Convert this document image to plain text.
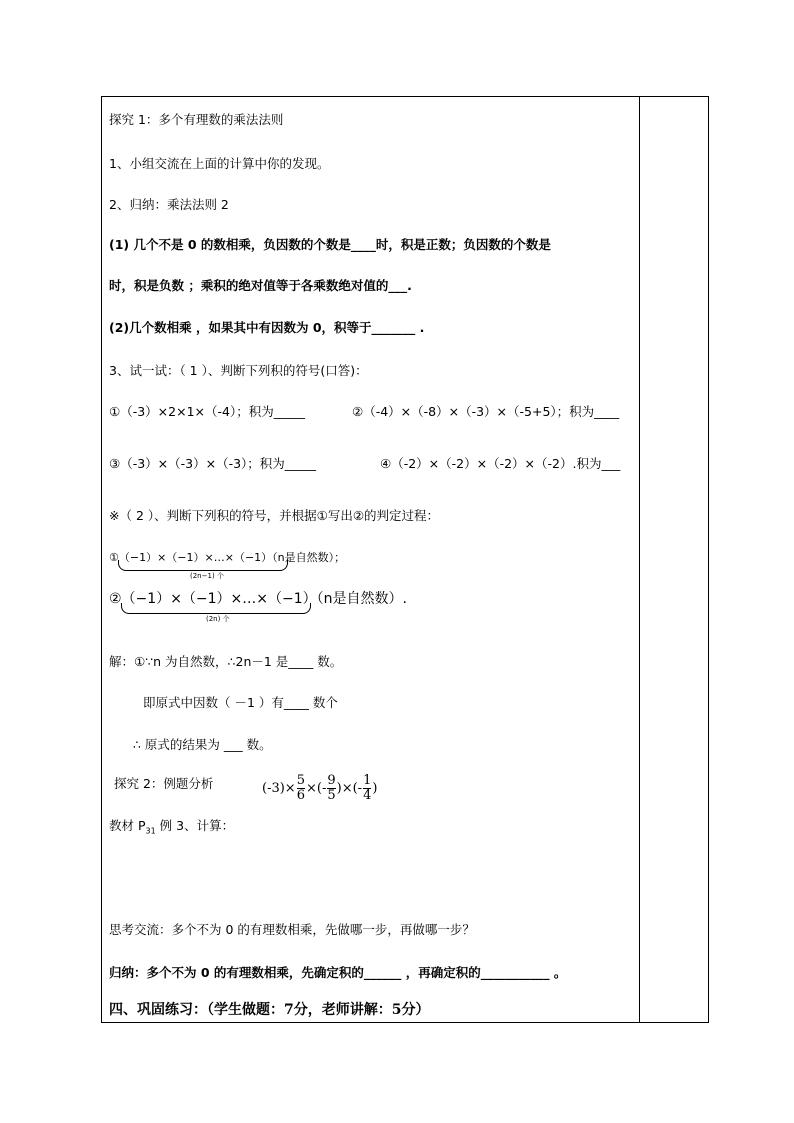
探究 1：多个有理数的乘法法则
1、小组交流在上面的计算中你的发现。
2、归纳：乘法法则 2
(1) 几个不是 0 的数相乘，负因数的个数是____时，积是正数；负因数的个数是
时，积是负数 ；乘积的绝对值等于各乘数绝对值的___.
(2)几个数相乘 ，如果其中有因数为 0，积等于_______ .
3、试一试：（ 1 ）、判断下列积的符号(口答)：
①（-3）×2×1×（-4）；积为_____	②（-4）×（-8）×（-3）×（-5+5）；积为____
③（-3）×（-3）×（-3）；积为_____	④（-2）×（-2）×（-2）×（-2）.积为___
※（ 2 ）、判断下列积的符号，并根据①写出②的判定过程：
①（−1）×（−1）×…×（−1）（n是自然数）；
(2n−1) 个
②（−1）×（−1）×…×（−1）（n是自然数）.
(2n) 个
解：①∵n 为自然数，∴2n－1 是____ 数。
即原式中因数（ －1 ）有____ 数个
∴ 原式的结果为 ___ 数。
探究 2：例题分析	$(-3)\times \frac{5}{6}$ ×(- $\frac{9}{5}$ )×(- $\frac{1}{4}$ )
教材 $P_{31}$ 例 3、计算：
思考交流：多个不为 0 的有理数相乘，先做哪一步，再做哪一步？
归纳：多个不为 0 的有理数相乘，先确定积的______ ，再确定积的___________ 。
四、巩固练习：（学生做题：7分，老师讲解：5分）
